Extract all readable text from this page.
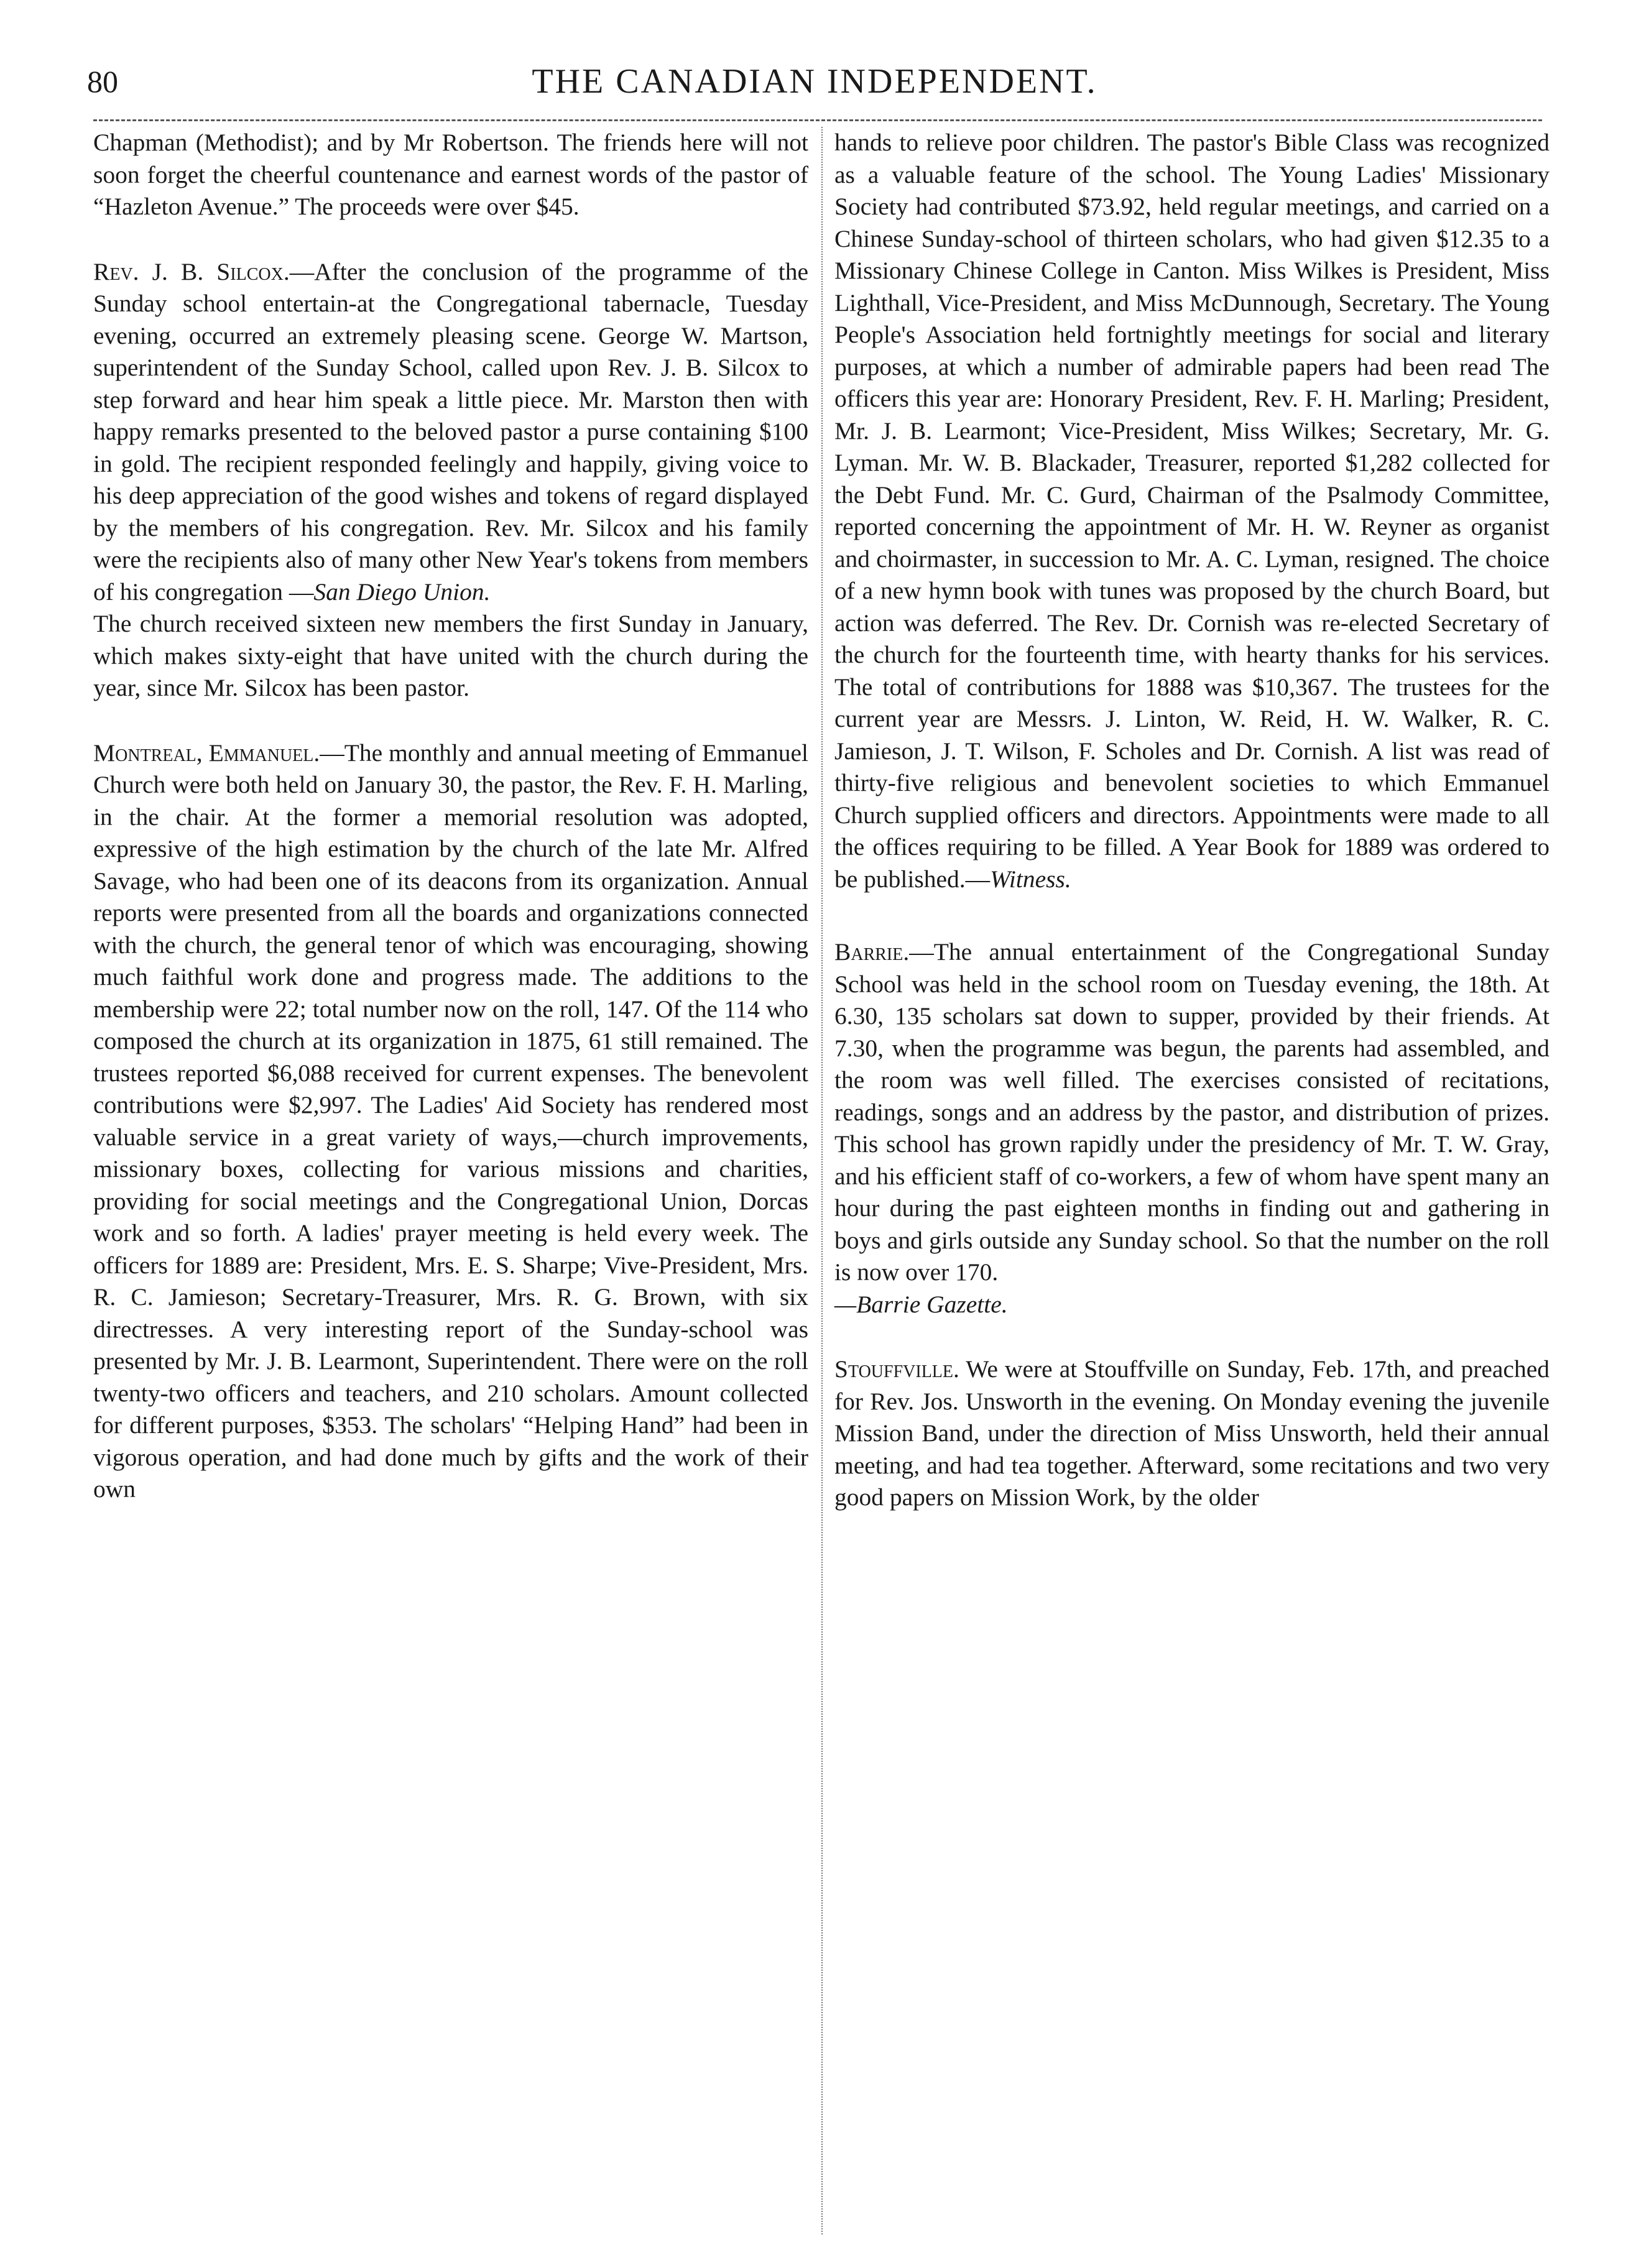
80	THE CANADIAN INDEPENDENT.

Chapman (Methodist); and by Mr Robertson. The friends here will not soon forget the cheerful countenance and earnest words of the pastor of “Hazleton Avenue.” The proceeds were over $45.

Rev. J. B. Silcox.—After the conclusion of the programme of the Sunday school entertain-at the Congregational tabernacle, Tuesday evening, occurred an extremely pleasing scene. George W. Martson, superintendent of the Sunday School, called upon Rev. J. B. Silcox to step forward and hear him speak a little piece. Mr. Marston then with happy remarks presented to the beloved pastor a purse containing $100 in gold. The recipient responded feelingly and happily, giving voice to his deep appreciation of the good wishes and tokens of regard displayed by the members of his congregation. Rev. Mr. Silcox and his family were the recipients also of many other New Year's tokens from members of his congregation —San Diego Union.

The church received sixteen new members the first Sunday in January, which makes sixty-eight that have united with the church during the year, since Mr. Silcox has been pastor.

Montreal, Emmanuel.—The monthly and annual meeting of Emmanuel Church were both held on January 30, the pastor, the Rev. F. H. Marling, in the chair. At the former a memorial resolution was adopted, expressive of the high estimation by the church of the late Mr. Alfred Savage, who had been one of its deacons from its organization. Annual reports were presented from all the boards and organizations connected with the church, the general tenor of which was encouraging, showing much faithful work done and progress made. The additions to the membership were 22; total number now on the roll, 147. Of the 114 who composed the church at its organization in 1875, 61 still remained. The trustees reported $6,088 received for current expenses. The benevolent contributions were $2,997. The Ladies' Aid Society has rendered most valuable service in a great variety of ways,—church improvements, missionary boxes, collecting for various missions and charities, providing for social meetings and the Congregational Union, Dorcas work and so forth. A ladies' prayer meeting is held every week. The officers for 1889 are: President, Mrs. E. S. Sharpe; Vive-President, Mrs. R. C. Jamieson; Secretary-Treasurer, Mrs. R. G. Brown, with six directresses. A very interesting report of the Sunday-school was presented by Mr. J. B. Learmont, Superintendent. There were on the roll twenty-two officers and teachers, and 210 scholars. Amount collected for different purposes, $353. The scholars' “Helping Hand” had been in vigorous operation, and had done much by gifts and the work of their own

hands to relieve poor children. The pastor's Bible Class was recognized as a valuable feature of the school. The Young Ladies' Missionary Society had contributed $73.92, held regular meetings, and carried on a Chinese Sunday-school of thirteen scholars, who had given $12.35 to a Missionary Chinese College in Canton. Miss Wilkes is President, Miss Lighthall, Vice-President, and Miss McDunnough, Secretary. The Young People's Association held fortnightly meetings for social and literary purposes, at which a number of admirable papers had been read The officers this year are: Honorary President, Rev. F. H. Marling; President, Mr. J. B. Learmont; Vice-President, Miss Wilkes; Secretary, Mr. G. Lyman. Mr. W. B. Blackader, Treasurer, reported $1,282 collected for the Debt Fund. Mr. C. Gurd, Chairman of the Psalmody Committee, reported concerning the appointment of Mr. H. W. Reyner as organist and choirmaster, in succession to Mr. A. C. Lyman, resigned. The choice of a new hymn book with tunes was proposed by the church Board, but action was deferred. The Rev. Dr. Cornish was re-elected Secretary of the church for the fourteenth time, with hearty thanks for his services. The total of contributions for 1888 was $10,367. The trustees for the current year are Messrs. J. Linton, W. Reid, H. W. Walker, R. C. Jamieson, J. T. Wilson, F. Scholes and Dr. Cornish. A list was read of thirty-five religious and benevolent societies to which Emmanuel Church supplied officers and directors. Appointments were made to all the offices requiring to be filled. A Year Book for 1889 was ordered to be published.—Witness.

Barrie.—The annual entertainment of the Congregational Sunday School was held in the school room on Tuesday evening, the 18th. At 6.30, 135 scholars sat down to supper, provided by their friends. At 7.30, when the programme was begun, the parents had assembled, and the room was well filled. The exercises consisted of recitations, readings, songs and an address by the pastor, and distribution of prizes. This school has grown rapidly under the presidency of Mr. T. W. Gray, and his efficient staff of co-workers, a few of whom have spent many an hour during the past eighteen months in finding out and gathering in boys and girls outside any Sunday school. So that the number on the roll is now over 170.

—Barrie Gazette.

Stouffville. We were at Stouffville on Sunday, Feb. 17th, and preached for Rev. Jos. Unsworth in the evening. On Monday evening the juvenile Mission Band, under the direction of Miss Unsworth, held their annual meeting, and had tea together. Afterward, some recitations and two very good papers on Mission Work, by the older
